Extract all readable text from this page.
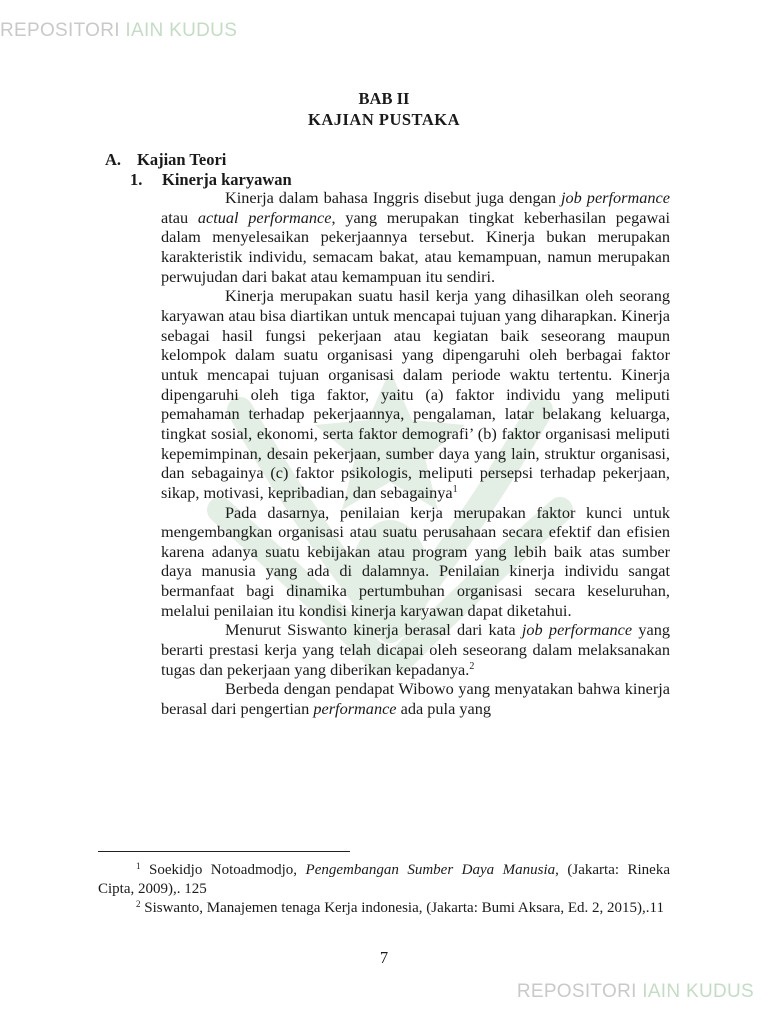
REPOSITORI IAIN KUDUS
BAB II
KAJIAN PUSTAKA
A. Kajian Teori
1. Kinerja karyawan

Kinerja dalam bahasa Inggris disebut juga dengan job performance atau actual performance, yang merupakan tingkat keberhasilan pegawai dalam menyelesaikan pekerjaannya tersebut. Kinerja bukan merupakan karakteristik individu, semacam bakat, atau kemampuan, namun merupakan perwujudan dari bakat atau kemampuan itu sendiri.

Kinerja merupakan suatu hasil kerja yang dihasilkan oleh seorang karyawan atau bisa diartikan untuk mencapai tujuan yang diharapkan. Kinerja sebagai hasil fungsi pekerjaan atau kegiatan baik seseorang maupun kelompok dalam suatu organisasi yang dipengaruhi oleh berbagai faktor untuk mencapai tujuan organisasi dalam periode waktu tertentu. Kinerja dipengaruhi oleh tiga faktor, yaitu (a) faktor individu yang meliputi pemahaman terhadap pekerjaannya, pengalaman, latar belakang keluarga, tingkat sosial, ekonomi, serta faktor demografi’ (b) faktor organisasi meliputi kepemimpinan, desain pekerjaan, sumber daya yang lain, struktur organisasi, dan sebagainya (c) faktor psikologis, meliputi persepsi terhadap pekerjaan, sikap, motivasi, kepribadian, dan sebagainya$^1$

Pada dasarnya, penilaian kerja merupakan faktor kunci untuk mengembangkan organisasi atau suatu perusahaan secara efektif dan efisien karena adanya suatu kebijakan atau program yang lebih baik atas sumber daya manusia yang ada di dalamnya. Penilaian kinerja individu sangat bermanfaat bagi dinamika pertumbuhan organisasi secara keseluruhan, melalui penilaian itu kondisi kinerja karyawan dapat diketahui.

Menurut Siswanto kinerja berasal dari kata job performance yang berarti prestasi kerja yang telah dicapai oleh seseorang dalam melaksanakan tugas dan pekerjaan yang diberikan kepadanya.$^2$

Berbeda dengan pendapat Wibowo yang menyatakan bahwa kinerja berasal dari pengertian performance ada pula yang

$^1$ Soekidjo Notoadmodjo, Pengembangan Sumber Daya Manusia, (Jakarta: Rineka Cipta, 2009),. 125
$^2$ Siswanto, Manajemen tenaga Kerja indonesia, (Jakarta: Bumi Aksara, Ed. 2, 2015),.11
7
REPOSITORI IAIN KUDUS
